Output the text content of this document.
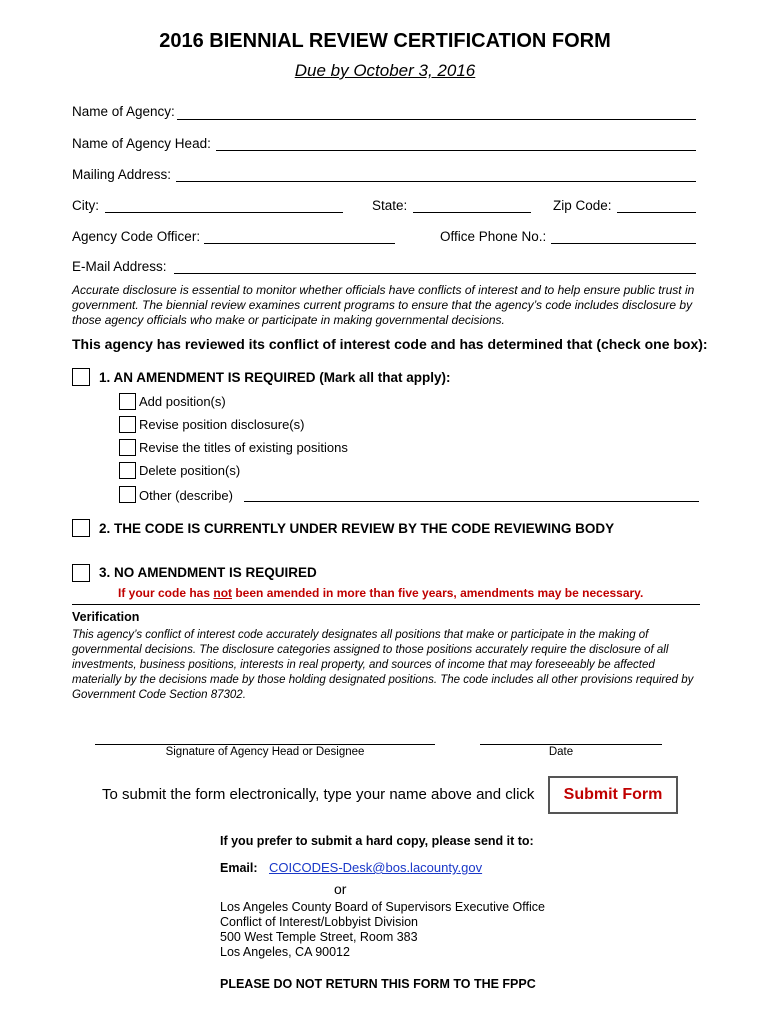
2016 BIENNIAL REVIEW CERTIFICATION FORM
Due by October 3, 2016
Name of Agency:
Name of Agency Head:
Mailing Address:
City:	State:	Zip Code:
Agency Code Officer:	Office Phone No.:
E-Mail Address:
Accurate disclosure is essential to monitor whether officials have conflicts of interest and to help ensure public trust in government. The biennial review examines current programs to ensure that the agency’s code includes disclosure by those agency officials who make or participate in making governmental decisions.
This agency has reviewed its conflict of interest code and has determined that (check one box):
1. AN AMENDMENT IS REQUIRED (Mark all that apply):
Add position(s)
Revise position disclosure(s)
Revise the titles of existing positions
Delete position(s)
Other (describe)
2. THE CODE IS CURRENTLY UNDER REVIEW BY THE CODE REVIEWING BODY
3. NO AMENDMENT IS REQUIRED
If your code has not been amended in more than five years, amendments may be necessary.
Verification
This agency’s conflict of interest code accurately designates all positions that make or participate in the making of governmental decisions. The disclosure categories assigned to those positions accurately require the disclosure of all investments, business positions, interests in real property, and sources of income that may foreseeably be affected materially by the decisions made by those holding designated positions. The code includes all other provisions required by Government Code Section 87302.
Signature of Agency Head or Designee	Date
To submit the form electronically, type your name above and click	Submit Form
If you prefer to submit a hard copy, please send it to:
Email: COICODES-Desk@bos.lacounty.gov
or
Los Angeles County Board of Supervisors Executive Office
Conflict of Interest/Lobbyist Division
500 West Temple Street, Room 383
Los Angeles, CA 90012
PLEASE DO NOT RETURN THIS FORM TO THE FPPC
